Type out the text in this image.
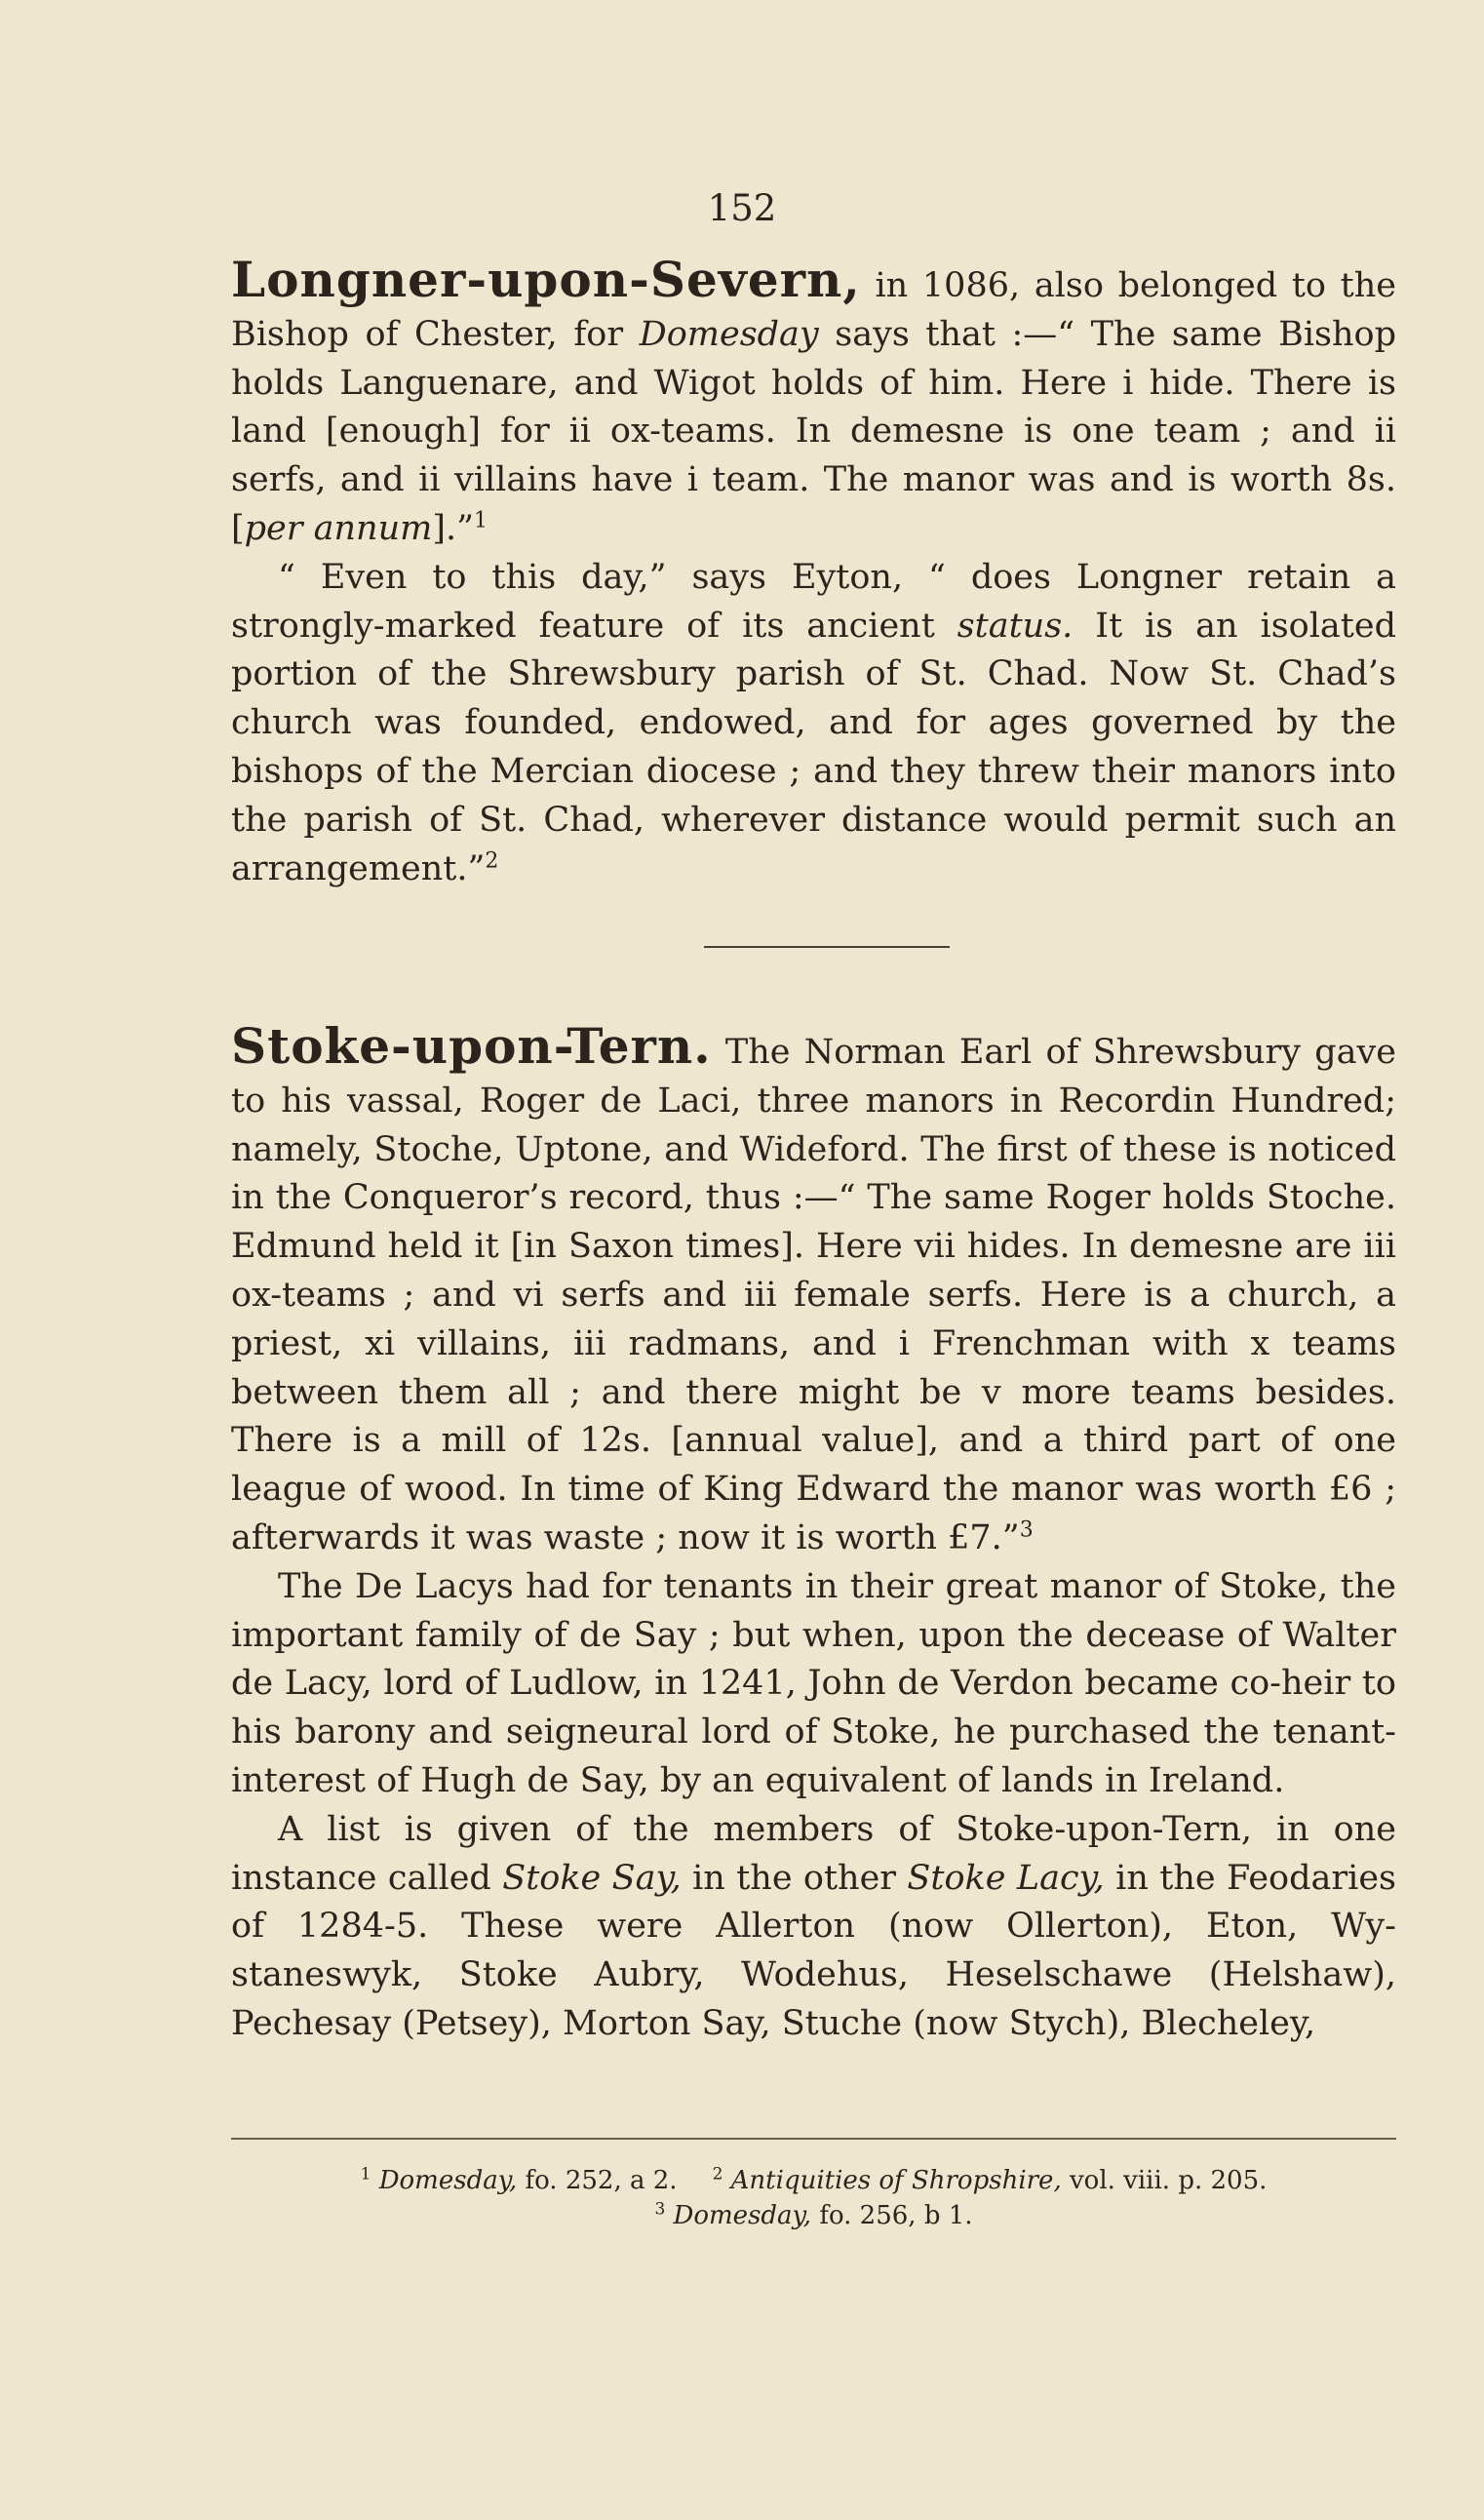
152

Longner-upon-Severn, in 1086, also belonged to the Bishop of Chester, for Domesday says that :—“ The same Bishop holds Languenare, and Wigot holds of him. Here i hide. There is land [enough] for ii ox-teams. In demesne is one team ; and ii serfs, and ii villains have i team. The manor was and is worth 8s. [per annum].”$^1$

“ Even to this day,” says Eyton, “ does Longner retain a strongly-marked feature of its ancient status. It is an isolated portion of the Shrewsbury parish of St. Chad. Now St. Chad’s church was founded, endowed, and for ages governed by the bishops of the Mercian diocese ; and they threw their manors into the parish of St. Chad, wherever distance would permit such an arrangement.”$^2$

Stoke-upon-Tern. The Norman Earl of Shrewsbury gave to his vassal, Roger de Laci, three manors in Recordin Hundred; namely, Stoche, Uptone, and Wideford. The first of these is noticed in the Conqueror’s record, thus :—“ The same Roger holds Stoche. Edmund held it [in Saxon times]. Here vii hides. In demesne are iii ox-teams ; and vi serfs and iii female serfs. Here is a church, a priest, xi villains, iii radmans, and i Frenchman with x teams between them all ; and there might be v more teams besides. There is a mill of 12s. [annual value], and a third part of one league of wood. In time of King Edward the manor was worth £6 ; afterwards it was waste ; now it is worth £7.”$^3$

The De Lacys had for tenants in their great manor of Stoke, the important family of de Say ; but when, upon the decease of Walter de Lacy, lord of Ludlow, in 1241, John de Verdon became co-heir to his barony and seigneural lord of Stoke, he purchased the tenant-interest of Hugh de Say, by an equivalent of lands in Ireland.

A list is given of the members of Stoke-upon-Tern, in one instance called Stoke Say, in the other Stoke Lacy, in the Feodaries of 1284-5. These were Allerton (now Ollerton), Eton, Wy-staneswyk, Stoke Aubry, Wodehus, Heselschawe (Helshaw), Pechesay (Petsey), Morton Say, Stuche (now Stych), Blecheley,

$^1$ Domesday, fo. 252, a 2. $^2$ Antiquities of Shropshire, vol. viii. p. 205.
$^3$ Domesday, fo. 256, b 1.
